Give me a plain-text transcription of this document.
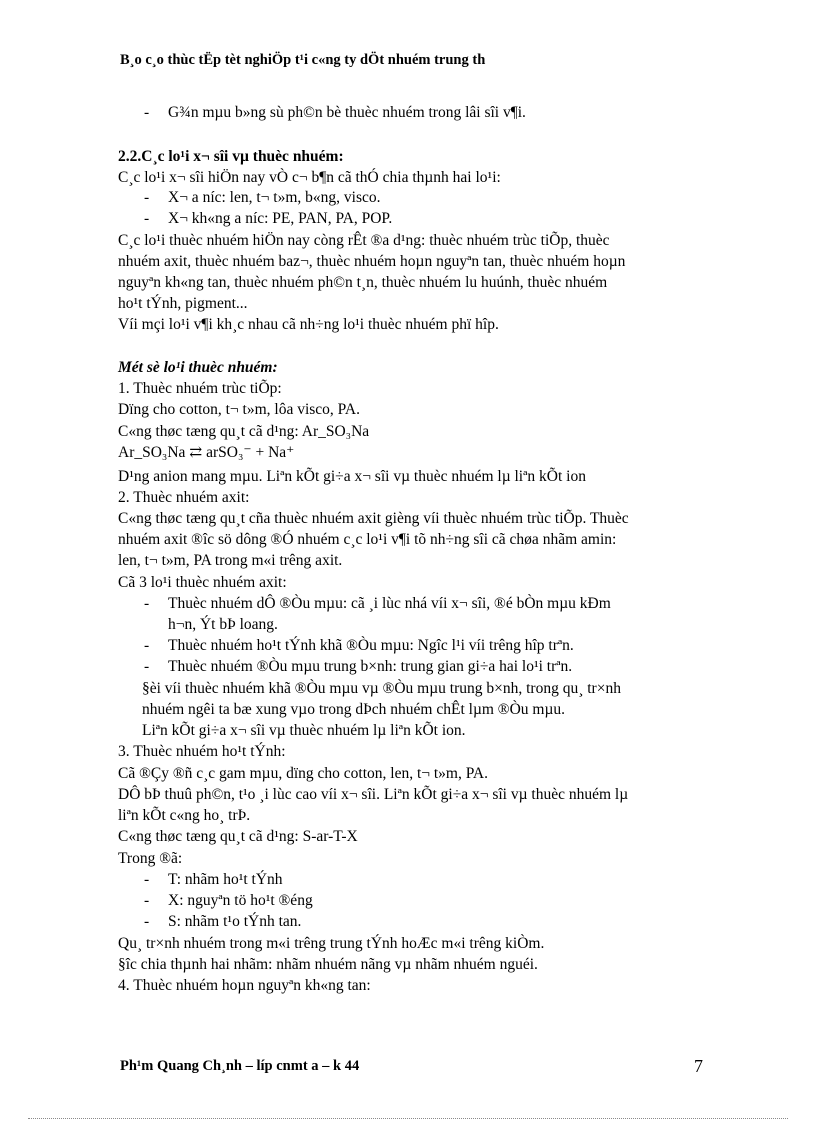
B¸o c¸o thùc tËp tèt nghiÖp t¹i c«ng ty dÖt nhuém trung th
- G¾n mµu b»ng sù ph©n bè thuèc nhuém trong lâi sîi v¶i.
2.2.C¸c lo¹i x¬ sîi vµ thuèc nhuém:
C¸c lo¹i x¬ sîi hiÖn nay vÒ c¬ b¶n cã thÓ chia thµnh hai lo¹i:
- X¬ a níc: len, t¬ t»m, b«ng, visco.
- X¬ kh«ng a níc: PE, PAN, PA, POP.
C¸c lo¹i thuèc nhuém hiÖn nay còng rÊt ®a d¹ng: thuèc nhuém trùc tiÕp, thuèc
nhuém axit, thuèc nhuém baz¬, thuèc nhuém hoµn nguyªn tan, thuèc nhuém hoµn
nguyªn kh«ng tan, thuèc nhuém ph©n t¸n, thuèc nhuém lu huúnh, thuèc nhuém
ho¹t tÝnh, pigment...
Víi mçi lo¹i v¶i kh¸c nhau cã nh÷ng lo¹i thuèc nhuém phï hîp.
Mét sè lo¹i thuèc nhuém:
1. Thuèc nhuém trùc tiÕp:
Dïng cho cotton, t¬ t»m, lôa visco, PA.
C«ng thøc tæng qu¸t cã d¹ng: Ar_SO₃Na
Ar_SO₃Na ⇄ arSO₃⁻ + Na⁺
D¹ng anion mang mµu. Liªn kÕt gi÷a x¬ sîi vµ thuèc nhuém lµ liªn kÕt ion
2. Thuèc nhuém axit:
C«ng thøc tæng qu¸t cña thuèc nhuém axit gièng víi thuèc nhuém trùc tiÕp. Thuèc
nhuém axit ®îc sö dông ®Ó nhuém c¸c lo¹i v¶i tõ nh÷ng sîi cã chøa nhãm amin:
len, t¬ t»m, PA trong m«i trêng axit.
Cã 3 lo¹i thuèc nhuém axit:
- Thuèc nhuém dÔ ®Òu mµu: cã ¸i lùc nhá víi x¬ sîi, ®é bÒn mµu kÐm
h¬n, Ýt bÞ loang.
- Thuèc nhuém ho¹t tÝnh khã ®Òu mµu: Ngîc l¹i víi trêng hîp trªn.
- Thuèc nhuém ®Òu mµu trung b×nh: trung gian gi÷a hai lo¹i trªn.
§èi víi thuèc nhuém khã ®Òu mµu vµ ®Òu mµu trung b×nh, trong qu¸ tr×nh
nhuém ngêi ta bæ xung vµo trong dÞch nhuém chÊt lµm ®Òu mµu.
Liªn kÕt gi÷a x¬ sîi vµ thuèc nhuém lµ liªn kÕt ion.
3. Thuèc nhuém ho¹t tÝnh:
Cã ®Çy ®ñ c¸c gam mµu, dïng cho cotton, len, t¬ t»m, PA.
DÔ bÞ thuû ph©n, t¹o ¸i lùc cao víi x¬ sîi. Liªn kÕt gi÷a x¬ sîi vµ thuèc nhuém lµ
liªn kÕt c«ng ho¸ trÞ.
C«ng thøc tæng qu¸t cã d¹ng: S-ar-T-X
Trong ®ã:
- T: nhãm ho¹t tÝnh
- X: nguyªn tö ho¹t ®éng
- S: nhãm t¹o tÝnh tan.
Qu¸ tr×nh nhuém trong m«i trêng trung tÝnh hoÆc m«i trêng kiÒm.
§îc chia thµnh hai nhãm: nhãm nhuém nãng vµ nhãm nhuém nguéi.
4. Thuèc nhuém hoµn nguyªn kh«ng tan:
Ph¹m Quang Ch¸nh – líp cnmt a – k 44	7
